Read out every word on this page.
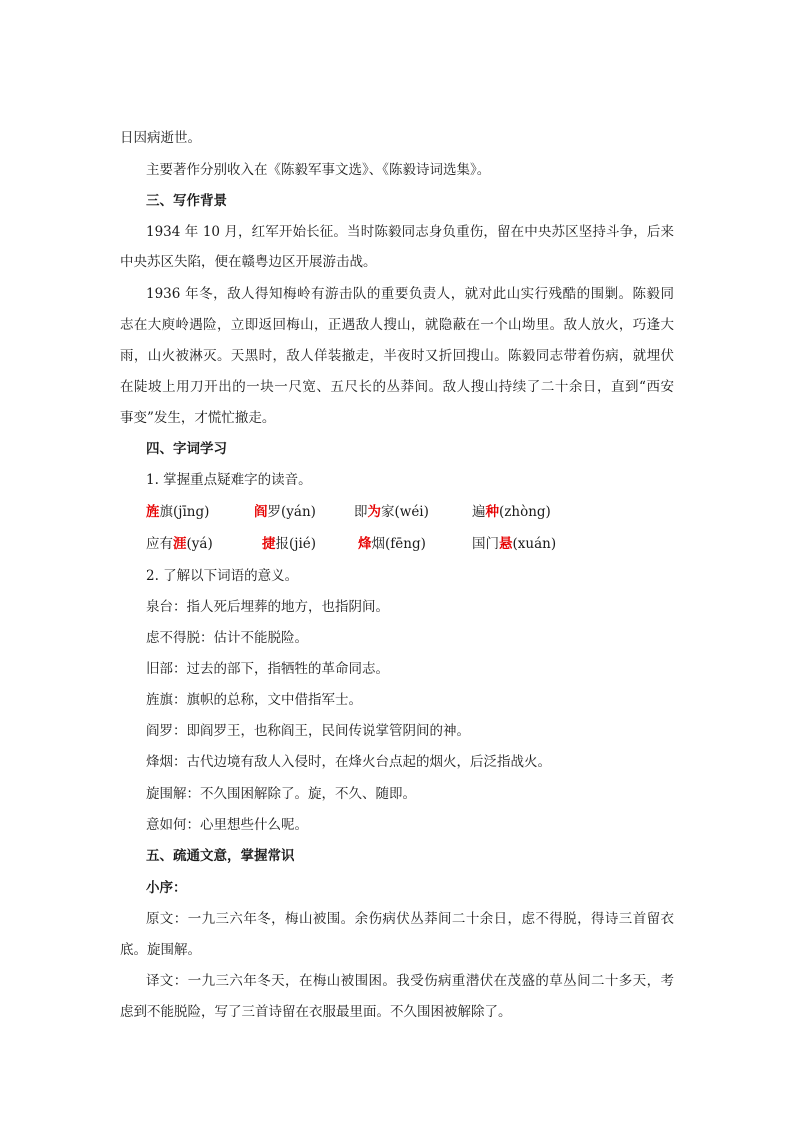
日因病逝世。
主要著作分别收入在《陈毅军事文选》、《陈毅诗词选集》。
三、写作背景
1934 年 10 月，红军开始长征。当时陈毅同志身负重伤，留在中央苏区坚持斗争，后来
中央苏区失陷，便在赣粤边区开展游击战。
1936 年冬，敌人得知梅岭有游击队的重要负责人，就对此山实行残酷的围剿。陈毅同
志在大庾岭遇险，立即返回梅山，正遇敌人搜山，就隐蔽在一个山坳里。敌人放火，巧逢大
雨，山火被淋灭。天黑时，敌人佯装撤走，半夜时又折回搜山。陈毅同志带着伤病，就埋伏
在陡坡上用刀开出的一块一尺宽、五尺长的丛莽间。敌人搜山持续了二十余日，直到“西安
事变”发生，才慌忙撤走。
四、字词学习
1. 掌握重点疑难字的读音。
旌旗(jīng)	阎罗(yán)	即为家(wéi)	遍种(zhòng)
应有涯(yá)	捷报(jié)	烽烟(fēng)	国门悬(xuán)
2. 了解以下词语的意义。
泉台：指人死后埋葬的地方，也指阴间。
虑不得脱：估计不能脱险。
旧部：过去的部下，指牺牲的革命同志。
旌旗：旗帜的总称，文中借指军士。
阎罗：即阎罗王，也称阎王，民间传说掌管阴间的神。
烽烟：古代边境有敌人入侵时，在烽火台点起的烟火，后泛指战火。
旋围解：不久围困解除了。旋，不久、随即。
意如何：心里想些什么呢。
五、疏通文意，掌握常识
小序：
原文：一九三六年冬，梅山被围。余伤病伏丛莽间二十余日，虑不得脱，得诗三首留衣
底。旋围解。
译文：一九三六年冬天，在梅山被围困。我受伤病重潜伏在茂盛的草丛间二十多天，考
虑到不能脱险，写了三首诗留在衣服最里面。不久围困被解除了。
